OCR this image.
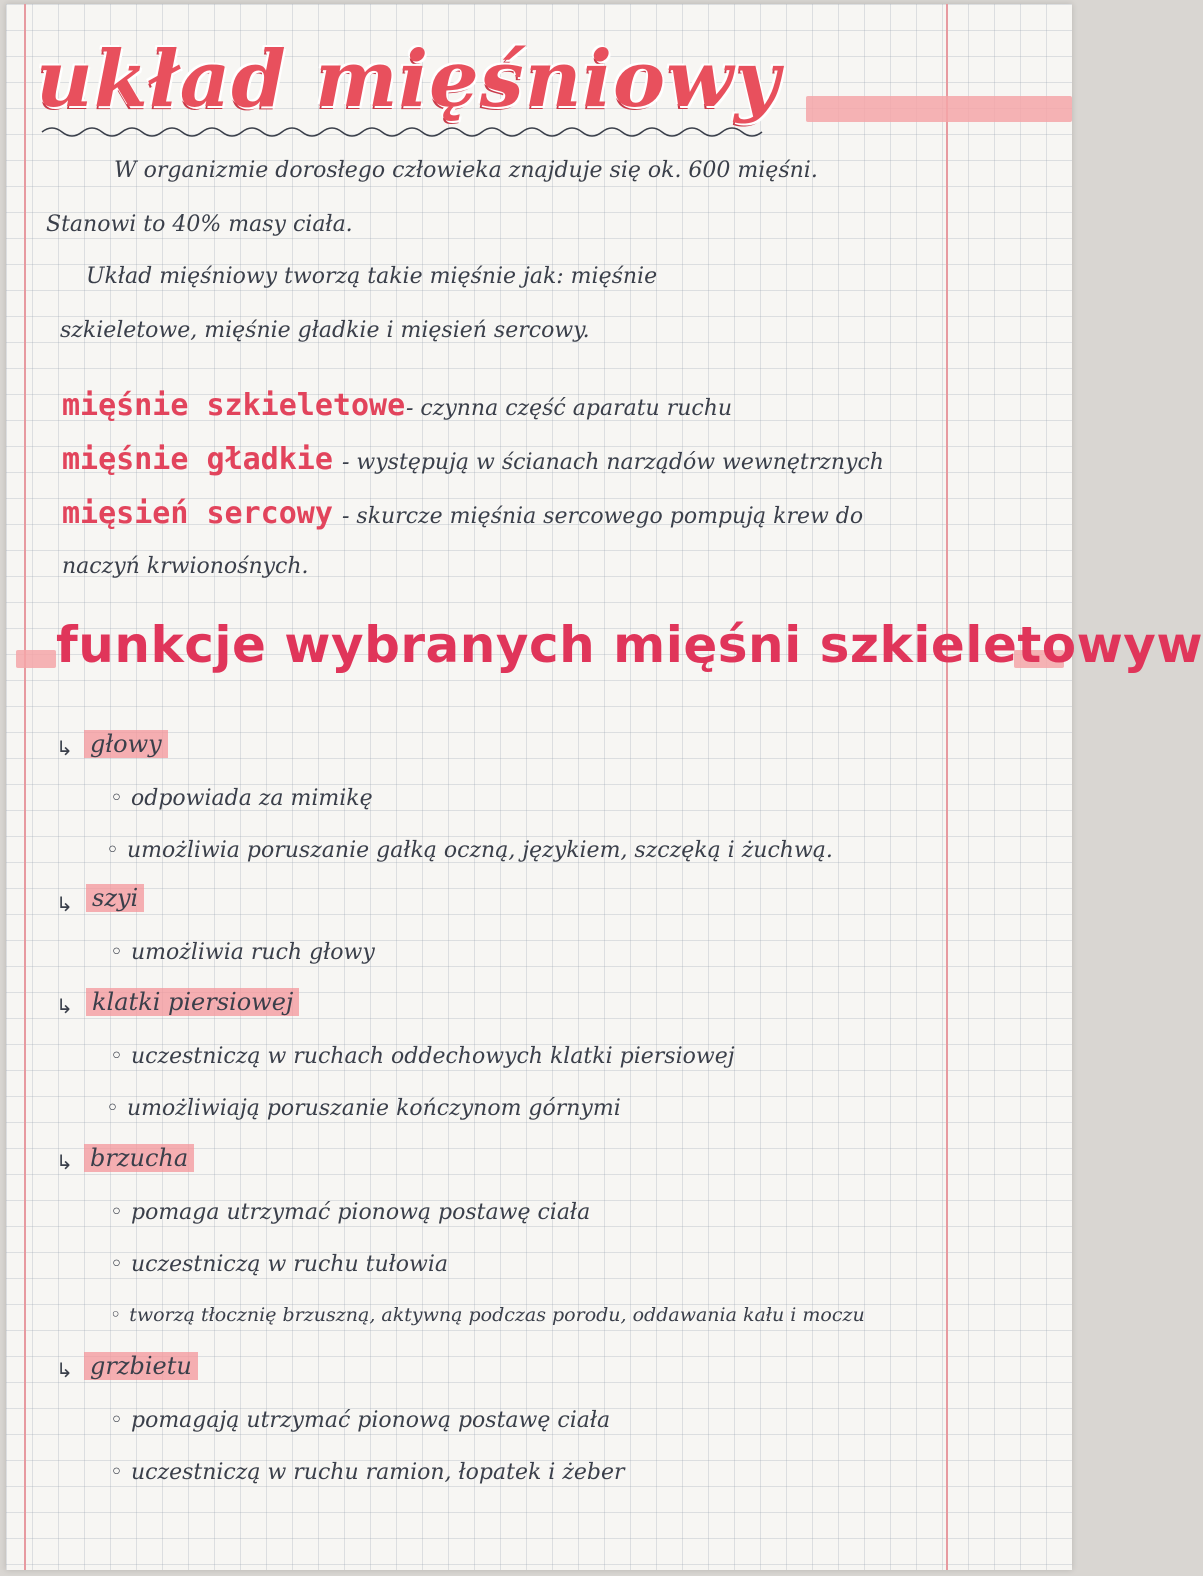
układ mięśniowy
W organizmie dorosłego człowieka znajduje się ok. 600 mięśni.
Stanowi to 40% masy ciała.
Układ mięśniowy tworzą takie mięśnie jak: mięśnie
szkieletowe, mięśnie gładkie i mięsień sercowy.
mięśnie szkieletowe - czynna część aparatu ruchu
mięśnie gładkie - występują w ścianach narządów wewnętrznych
mięsień sercowy - skurcze mięśnia sercowego pompują krew do
naczyń krwionośnych.
funkcje wybranych mięśni szkieletowyw
↳ głowy
◦ odpowiada za mimikę
◦ umożliwia poruszanie gałką oczną, językiem, szczęką i żuchwą.
↳ szyi
◦ umożliwia ruch głowy
↳ klatki piersiowej
◦ uczestniczą w ruchach oddechowych klatki piersiowej
◦ umożliwiają poruszanie kończynom górnymi
↳ brzucha
◦ pomaga utrzymać pionową postawę ciała
◦ uczestniczą w ruchu tułowia
◦ tworzą tłocznię brzuszną, aktywną podczas porodu, oddawania kału i moczu
↳ grzbietu
◦ pomagają utrzymać pionową postawę ciała
◦ uczestniczą w ruchu ramion, łopatek i żeber
